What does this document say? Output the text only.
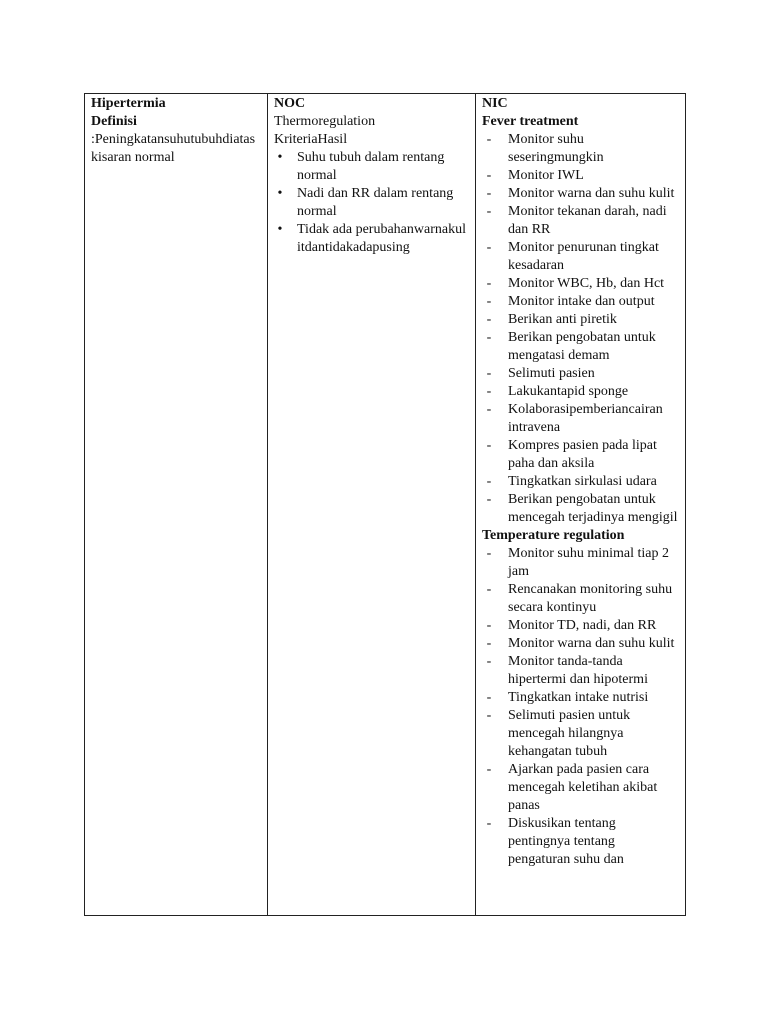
Hipertermia
Definisi
:Peningkatansuhutubuhdiataskisaran normal
NOC
Thermoregulation
KriteriaHasil
• Suhu tubuh dalam rentang normal
• Nadi dan RR dalam rentang normal
• Tidak ada perubahanwarnakulitdantidakadapusing
NIC
Fever treatment
- Monitor suhu seseringmungkin
- Monitor IWL
- Monitor warna dan suhu kulit
- Monitor tekanan darah, nadi dan RR
- Monitor penurunan tingkat kesadaran
- Monitor WBC, Hb, dan Hct
- Monitor intake dan output
- Berikan anti piretik
- Berikan pengobatan untuk mengatasi demam
- Selimuti pasien
- Lakukantapid sponge
- Kolaborasipemberiancairan intravena
- Kompres pasien pada lipat paha dan aksila
- Tingkatkan sirkulasi udara
- Berikan pengobatan untuk mencegah terjadinya mengigil
Temperature regulation
- Monitor suhu minimal tiap 2 jam
- Rencanakan monitoring suhu secara kontinyu
- Monitor TD, nadi, dan RR
- Monitor warna dan suhu kulit
- Monitor tanda-tanda hipertermi dan hipotermi
- Tingkatkan intake nutrisi
- Selimuti pasien untuk mencegah hilangnya kehangatan tubuh
- Ajarkan pada pasien cara mencegah keletihan akibat panas
- Diskusikan tentang pentingnya tentang pengaturan suhu dan
